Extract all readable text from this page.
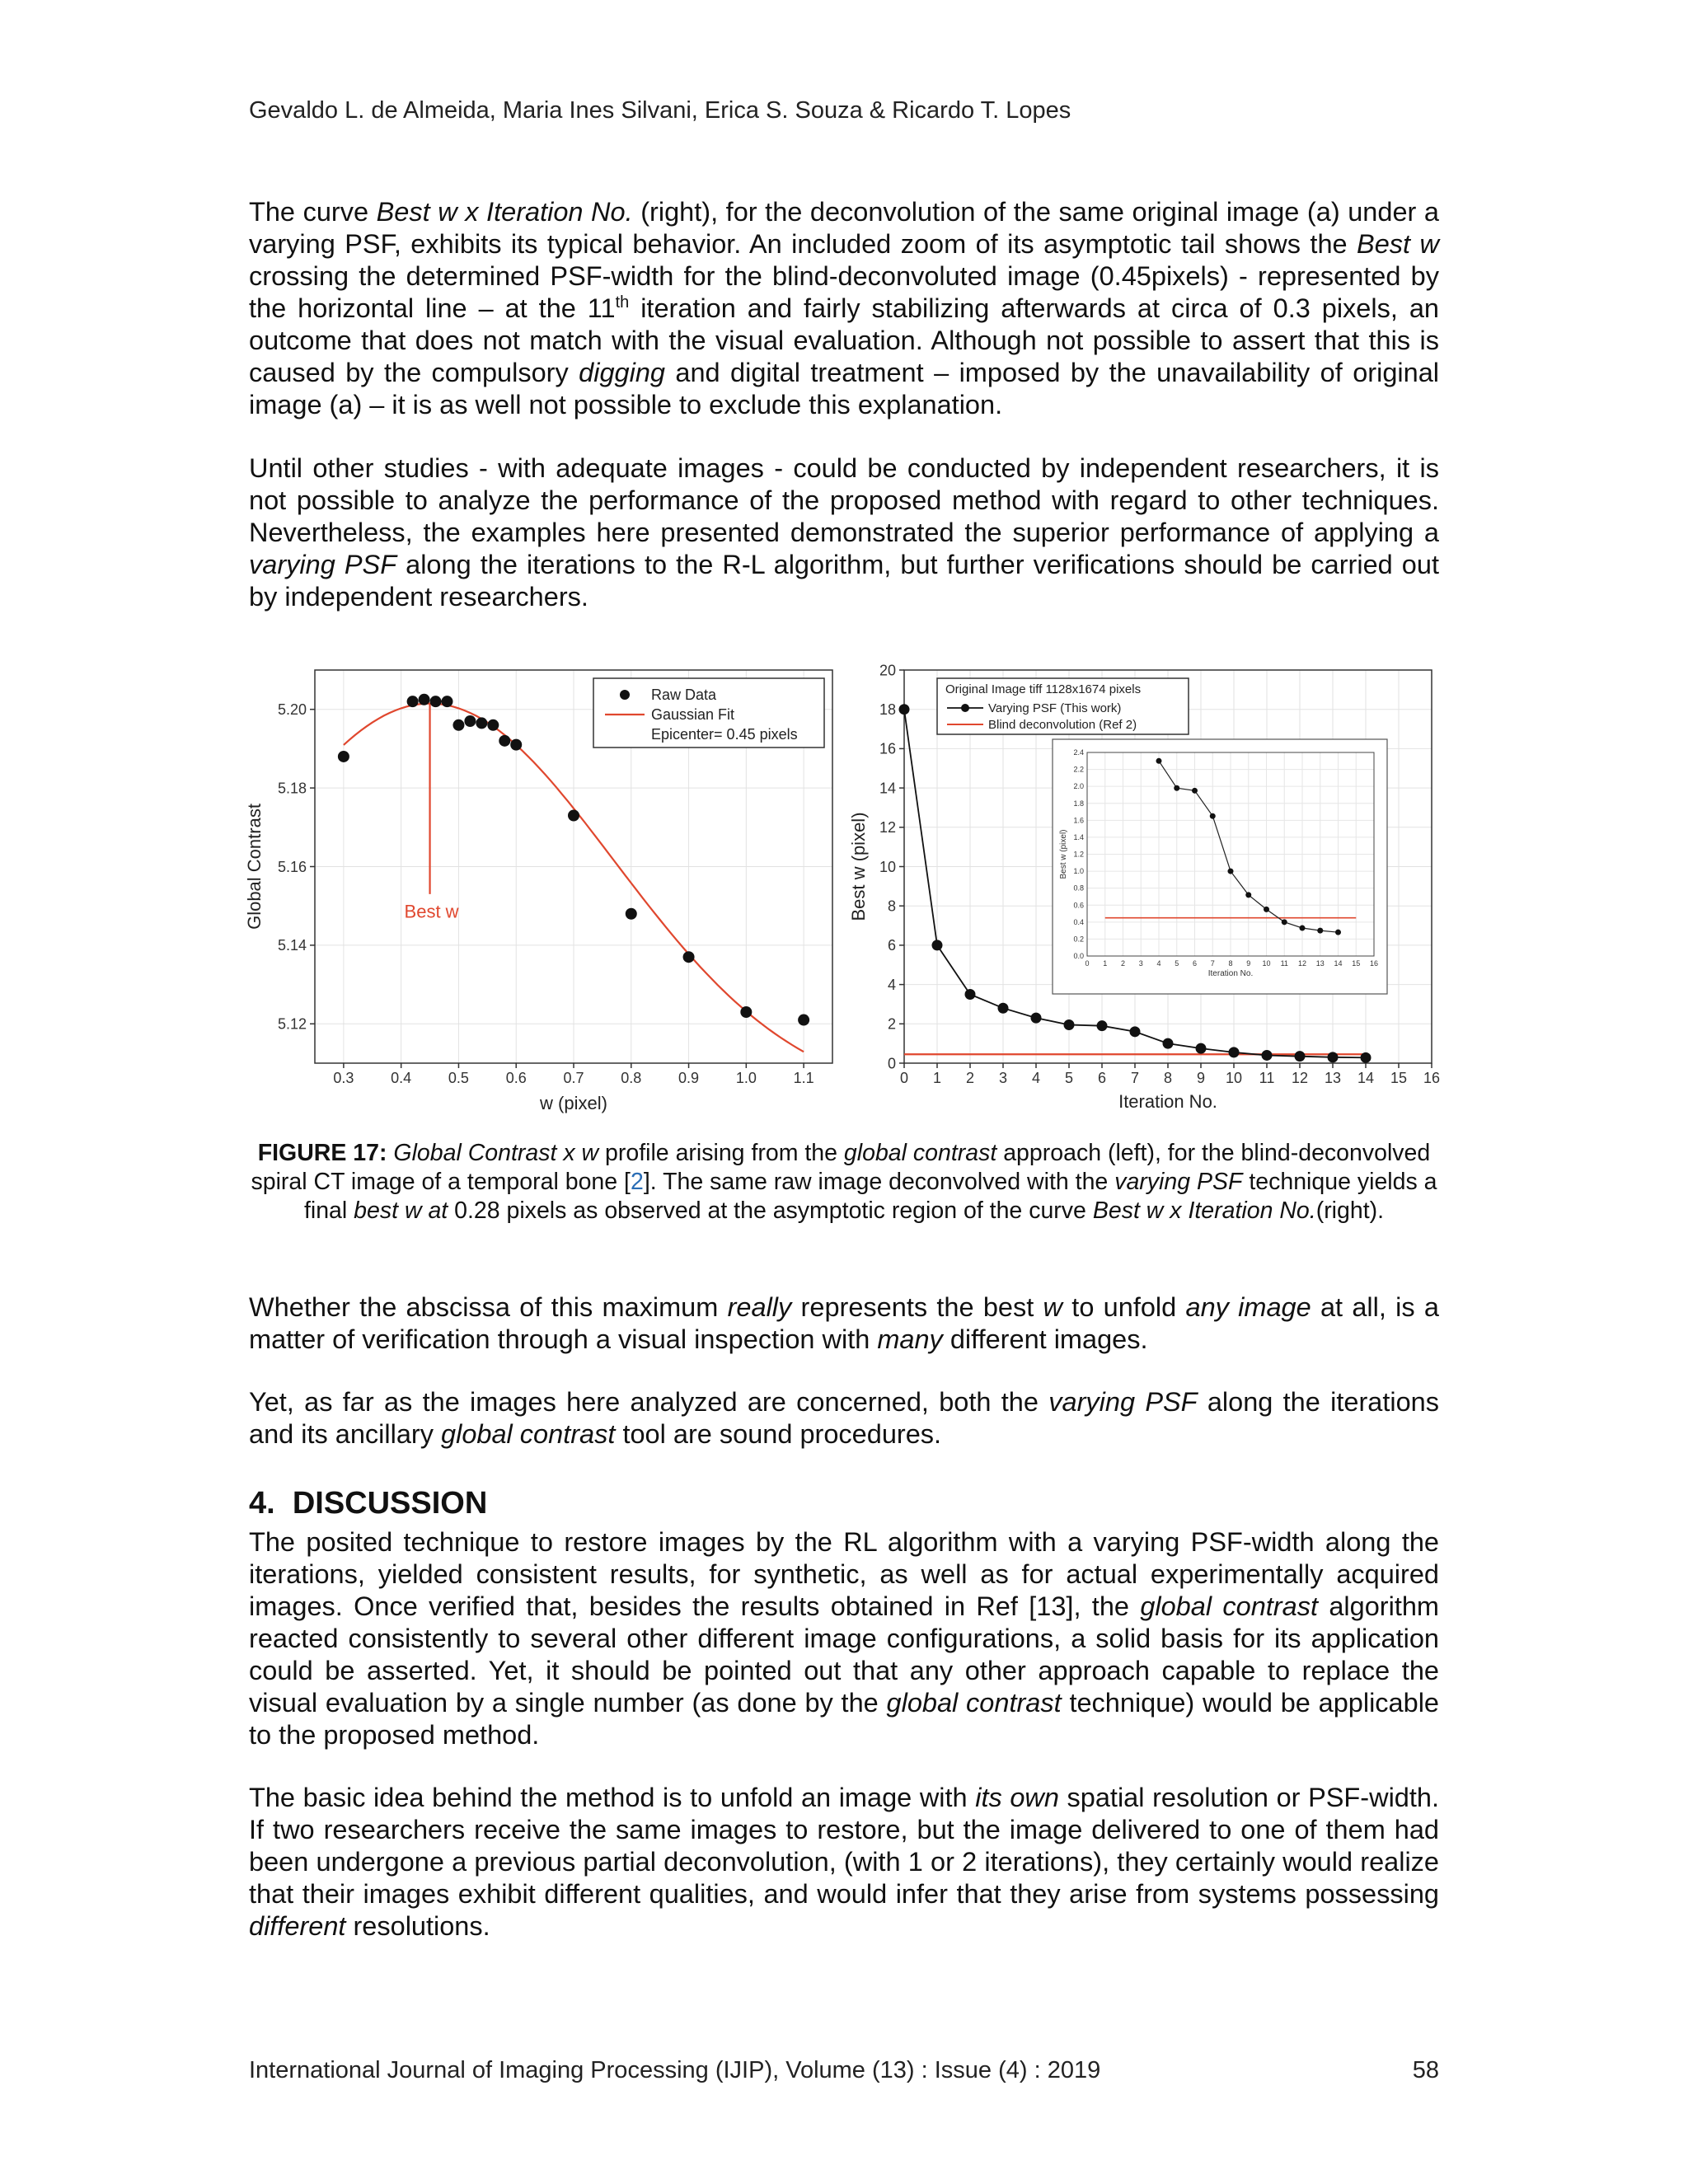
Gevaldo L. de Almeida, Maria Ines Silvani, Erica S. Souza & Ricardo T. Lopes

The curve Best w x Iteration No. (right), for the deconvolution of the same original image (a) under a varying PSF, exhibits its typical behavior. An included zoom of its asymptotic tail shows the Best w crossing the determined PSF-width for the blind-deconvoluted image (0.45pixels) - represented by the horizontal line – at the 11th iteration and fairly stabilizing afterwards at circa of 0.3 pixels, an outcome that does not match with the visual evaluation. Although not possible to assert that this is caused by the compulsory digging and digital treatment – imposed by the unavailability of original image (a) – it is as well not possible to exclude this explanation.

Until other studies - with adequate images - could be conducted by independent researchers, it is not possible to analyze the performance of the proposed method with regard to other techniques. Nevertheless, the examples here presented demonstrated the superior performance of applying a varying PSF along the iterations to the R-L algorithm, but further verifications should be carried out by independent researchers.

0.3 0.4 0.5 0.6 0.7 0.8 0.9 1.0 1.1
5.12
5.14
5.16
5.18
5.20
w (pixel)
Global Contrast	Best w
Raw Data
Gaussian Fit
Epicenter= 0.45 pixels
0 1 2 3 4 5 6 7 8 9 10 11 12 13 14 15 16
0
2
4
6
8
10
12
14
16
18
20
Iteration No.
Best w (pixel)
Original Image tiff 1128x1674 pixels
Varying PSF (This work)
Blind deconvolution (Ref 2)
0 1 2 3 4 5 6 7 8 9 10 11 12 13 14 15 16
0.0
0.2
0.4
0.6
0.8
1.0
1.2
1.4
1.6
1.8
2.0
2.2
2.4
Iteration No.
Best w (pixel)
FIGURE 17: Global Contrast x w profile arising from the global contrast approach (left), for the blind-deconvolved spiral CT image of a temporal bone [2]. The same raw image deconvolved with the varying PSF technique yields a final best w at 0.28 pixels as observed at the asymptotic region of the curve Best w x Iteration No.(right).

Whether the abscissa of this maximum really represents the best w to unfold any image at all, is a matter of verification through a visual inspection with many different images.

Yet, as far as the images here analyzed are concerned, both the varying PSF along the iterations and its ancillary global contrast tool are sound procedures.

4. DISCUSSION

The posited technique to restore images by the RL algorithm with a varying PSF-width along the iterations, yielded consistent results, for synthetic, as well as for actual experimentally acquired images. Once verified that, besides the results obtained in Ref [13], the global contrast algorithm reacted consistently to several other different image configurations, a solid basis for its application could be asserted. Yet, it should be pointed out that any other approach capable to replace the visual evaluation by a single number (as done by the global contrast technique) would be applicable to the proposed method.

The basic idea behind the method is to unfold an image with its own spatial resolution or PSF-width. If two researchers receive the same images to restore, but the image delivered to one of them had been undergone a previous partial deconvolution, (with 1 or 2 iterations), they certainly would realize that their images exhibit different qualities, and would infer that they arise from systems possessing different resolutions.

International Journal of Imaging Processing (IJIP), Volume (13) : Issue (4) : 2019	58
